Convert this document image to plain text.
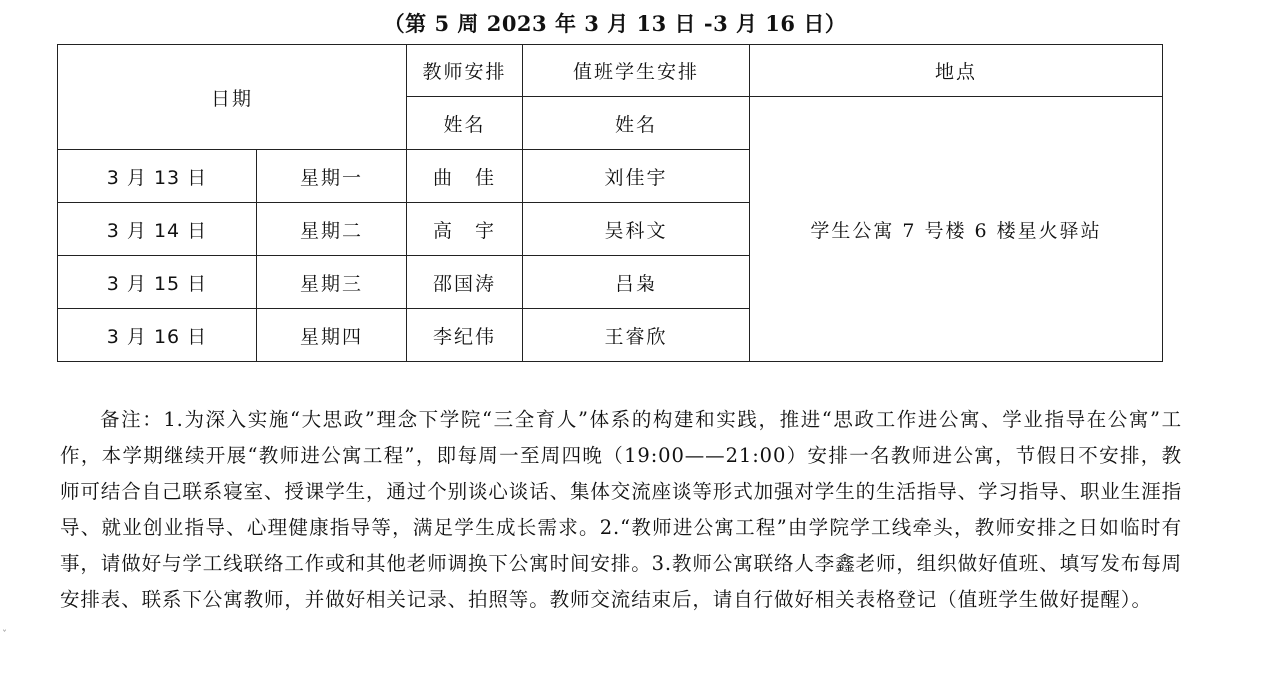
（第 5 周 2023 年 3 月 13 日 -3 月 16 日）
日期		教师安排	值班学生安排	地点
		姓名	姓名	学生公寓 7 号楼 6 楼星火驿站
3 月 13 日	星期一	曲　佳	刘佳宇	
3 月 14 日	星期二	高　宇	吴科文	
3 月 15 日	星期三	邵国涛	吕枭	
3 月 16 日	星期四	李纪伟	王睿欣	
备注：1.为深入实施“大思政”理念下学院“三全育人”体系的构建和实践，推进“思政工作进公寓、学业指导在公寓”工作，本学期继续开展“教师进公寓工程”，即每周一至周四晚（19:00——21:00）安排一名教师进公寓，节假日不安排，教师可结合自己联系寝室、授课学生，通过个别谈心谈话、集体交流座谈等形式加强对学生的生活指导、学习指导、职业生涯指导、就业创业指导、心理健康指导等，满足学生成长需求。2.“教师进公寓工程”由学院学工线牵头，教师安排之日如临时有事，请做好与学工线联络工作或和其他老师调换下公寓时间安排。3.教师公寓联络人李鑫老师，组织做好值班、填写发布每周安排表、联系下公寓教师，并做好相关记录、拍照等。教师交流结束后，请自行做好相关表格登记（值班学生做好提醒）。
ˇ
